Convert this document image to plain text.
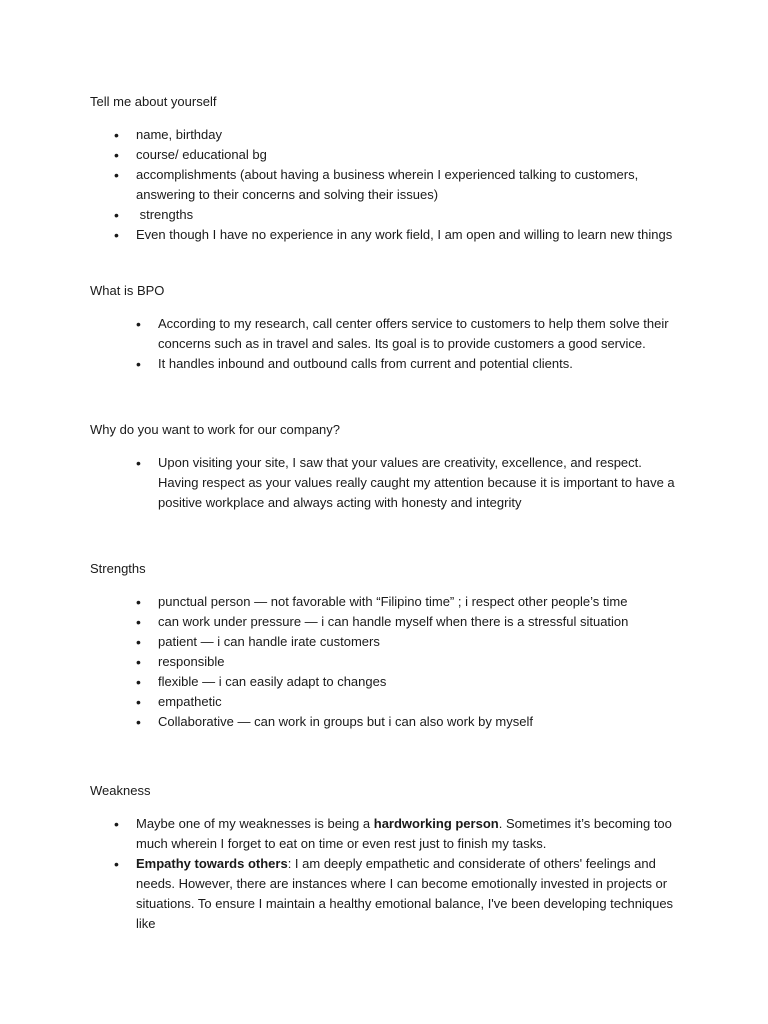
Tell me about yourself

• name, birthday
• course/ educational bg
• accomplishments (about having a business wherein I experienced talking to customers, answering to their concerns and solving their issues)
•  strengths
• Even though I have no experience in any work field, I am open and willing to learn new things

What is BPO

• According to my research, call center offers service to customers to help them solve their concerns such as in travel and sales. Its goal is to provide customers a good service.
• It handles inbound and outbound calls from current and potential clients.

Why do you want to work for our company?

• Upon visiting your site, I saw that your values are creativity, excellence, and respect. Having respect as your values really caught my attention because it is important to have a positive workplace and always acting with honesty and integrity

Strengths

• punctual person — not favorable with “Filipino time” ; i respect other people’s time
• can work under pressure — i can handle myself when there is a stressful situation
• patient — i can handle irate customers
• responsible
• flexible — i can easily adapt to changes
• empathetic
• Collaborative — can work in groups but i can also work by myself

Weakness

• Maybe one of my weaknesses is being a hardworking person. Sometimes it’s becoming too much wherein I forget to eat on time or even rest just to finish my tasks.
• Empathy towards others: I am deeply empathetic and considerate of others' feelings and needs. However, there are instances where I can become emotionally invested in projects or situations. To ensure I maintain a healthy emotional balance, I've been developing techniques like
